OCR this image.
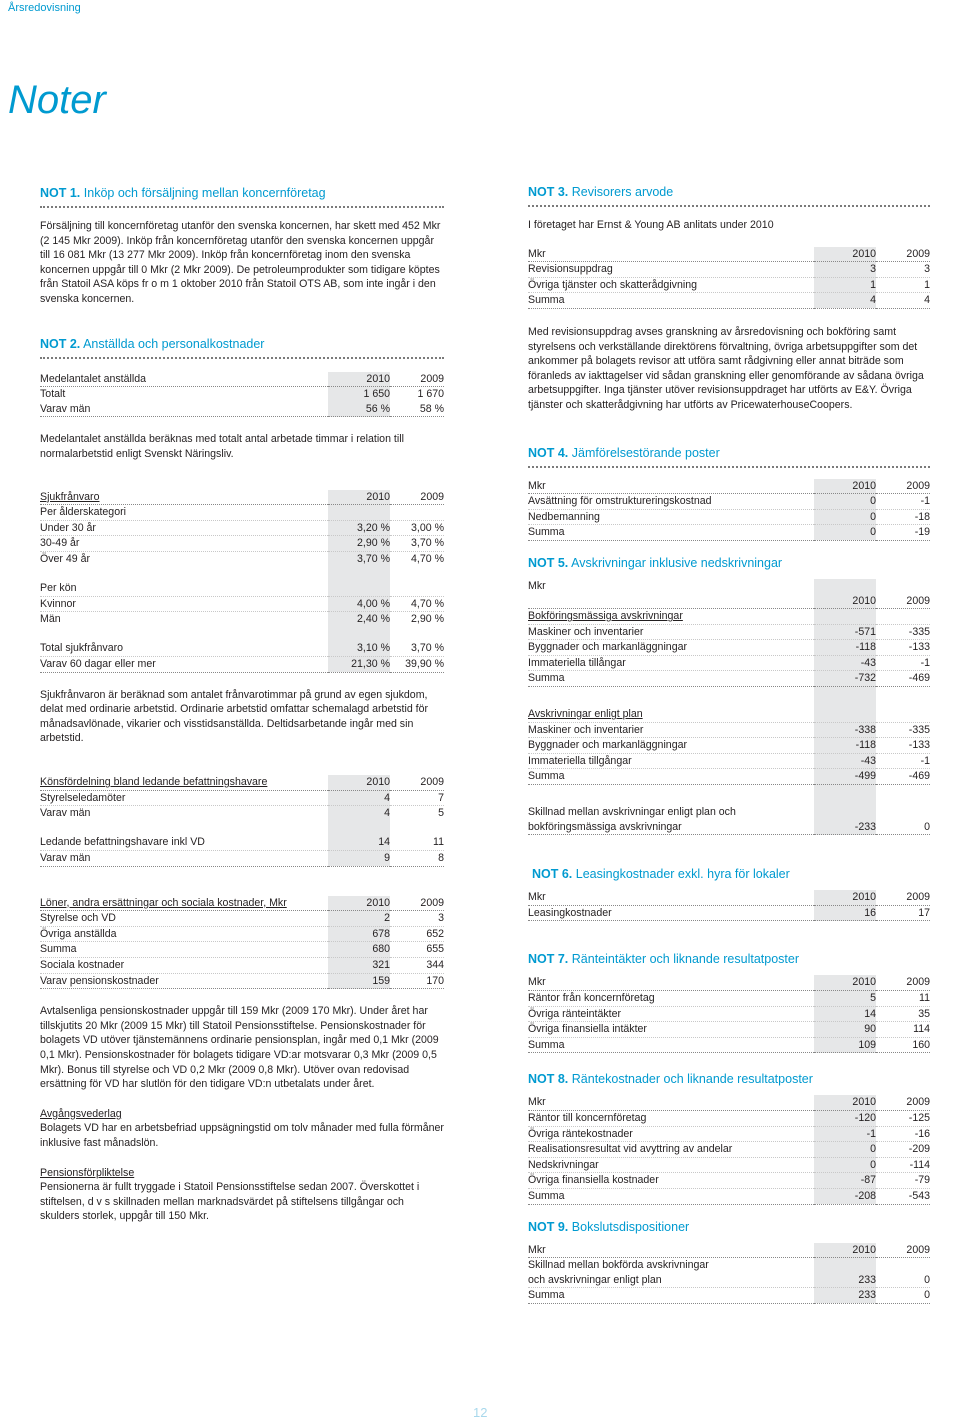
Årsredovisning
Noter
NOT 1. Inköp och försäljning mellan koncernföretag

Försäljning till koncernföretag utanför den svenska koncernen, har skett med 452 Mkr (2 145 Mkr 2009). Inköp från koncernföretag utanför den svenska koncernen uppgår till 16 081 Mkr (13 277 Mkr 2009). Inköp från koncernföretag inom den svenska koncernen uppgår till 0 Mkr (2 Mkr 2009). De petroleumprodukter som tidigare köptes från Statoil ASA köps fr o m 1 oktober 2010 från Statoil OTS AB, som inte ingår i den svenska koncernen.

NOT 2. Anställda och personalkostnader
Medelantalet anställda	2010	2009
Totalt	1 650	1 670
Varav män	56 %	58 %

Medelantalet anställda beräknas med totalt antal arbetade timmar i relation till normalarbetstid enligt Svenskt Näringsliv.

Sjukfrånvaro	2010	2009
Per ålderskategori		
Under 30 år	3,20 %	3,00 %
30-49 år	2,90 %	3,70 %
Över 49 år	3,70 %	4,70 %

Per kön		
Kvinnor	4,00 %	4,70 %
Män	2,40 %	2,90 %

Total sjukfrånvaro	3,10 %	3,70 %
Varav 60 dagar eller mer	21,30 %	39,90 %

Sjukfrånvaron är beräknad som antalet frånvarotimmar på grund av egen sjukdom, delat med ordinarie arbetstid. Ordinarie arbetstid omfattar schemalagd arbetstid för månadsavlönade, vikarier och visstidsanställda. Deltidsarbetande ingår med sin arbetstid.

Könsfördelning bland ledande befattningshavare	2010	2009
Styrelseledamöter	4	7
Varav män	4	5

Ledande befattningshavare inkl VD	14	11
Varav män	9	8
Löner, andra ersättningar och sociala kostnader, Mkr	2010	2009
Styrelse och VD	2	3
Övriga anställda	678	652
Summa	680	655
Sociala kostnader	321	344
Varav pensionskostnader	159	170

Avtalsenliga pensionskostnader uppgår till 159 Mkr (2009 170 Mkr). Under året har tillskjutits 20 Mkr (2009 15 Mkr) till Statoil Pensionsstiftelse. Pensionskostnader för bolagets VD utöver tjänstemännens ordinarie pensionsplan, ingår med 0,1 Mkr (2009 0,1 Mkr). Pensionskostnader för bolagets tidigare VD:ar motsvarar 0,3 Mkr (2009 0,5 Mkr). Bonus till styrelse och VD 0,2 Mkr (2009 0,8 Mkr). Utöver ovan redovisad ersättning för VD har slutlön för den tidigare VD:n utbetalats under året.

Avgångsvederlag

Bolagets VD har en arbetsbefriad uppsägningstid om tolv månader med fulla förmåner inklusive fast månadslön.

Pensionsförpliktelse

Pensionerna är fullt tryggade i Statoil Pensionsstiftelse sedan 2007. Överskottet i stiftelsen, d v s skillnaden mellan marknadsvärdet på stiftelsens tillgångar och skulders storlek, uppgår till 150 Mkr.

NOT 3. Revisorers arvode

I företaget har Ernst & Young AB anlitats under 2010

Mkr	2010	2009
Revisionsuppdrag	3	3
Övriga tjänster och skatterådgivning	1	1
Summa	4	4

Med revisionsuppdrag avses granskning av årsredovisning och bokföring samt styrelsens och verkställande direktörens förvaltning, övriga arbetsuppgifter som det ankommer på bolagets revisor att utföra samt rådgivning eller annat biträde som föranleds av iakttagelser vid sådan granskning eller genomförande av sådana övriga arbetsuppgifter. Inga tjänster utöver revisionsuppdraget har utförts av E&Y. Övriga tjänster och skatterådgivning har utförts av PricewaterhouseCoopers.

NOT 4. Jämförelsestörande poster
Mkr	2010	2009
Avsättning för omstruktureringskostnad	0	-1
Nedbemanning	0	-18
Summa	0	-19
NOT 5. Avskrivningar inklusive nedskrivningar
Mkr		
	2010	2009
Bokföringsmässiga avskrivningar		
Maskiner och inventarier	-571	-335
Byggnader och markanläggningar	-118	-133
Immateriella tillångar	-43	-1
Summa	-732	-469

Avskrivningar enligt plan		
Maskiner och inventarier	-338	-335
Byggnader och markanläggningar	-118	-133
Immateriella tillgångar	-43	-1
Summa	-499	-469

Skillnad mellan avskrivningar enligt plan och		
bokföringsmässiga avskrivningar	-233	0
NOT 6. Leasingkostnader exkl. hyra för lokaler
Mkr	2010	2009
Leasingkostnader	16	17
NOT 7. Ränteintäkter och liknande resultatposter
Mkr	2010	2009
Räntor från koncernföretag	5	11
Övriga ränteintäkter	14	35
Övriga finansiella intäkter	90	114
Summa	109	160
NOT 8. Räntekostnader och liknande resultatposter
Mkr	2010	2009
Räntor till koncernföretag	-120	-125
Övriga räntekostnader	-1	-16
Realisationsresultat vid avyttring av andelar	0	-209
Nedskrivningar	0	-114
Övriga finansiella kostnader	-87	-79
Summa	-208	-543
NOT 9. Bokslutsdispositioner
Mkr	2010	2009
Skillnad mellan bokförda avskrivningar		
och avskrivningar enligt plan	233	0
Summa	233	0
12
